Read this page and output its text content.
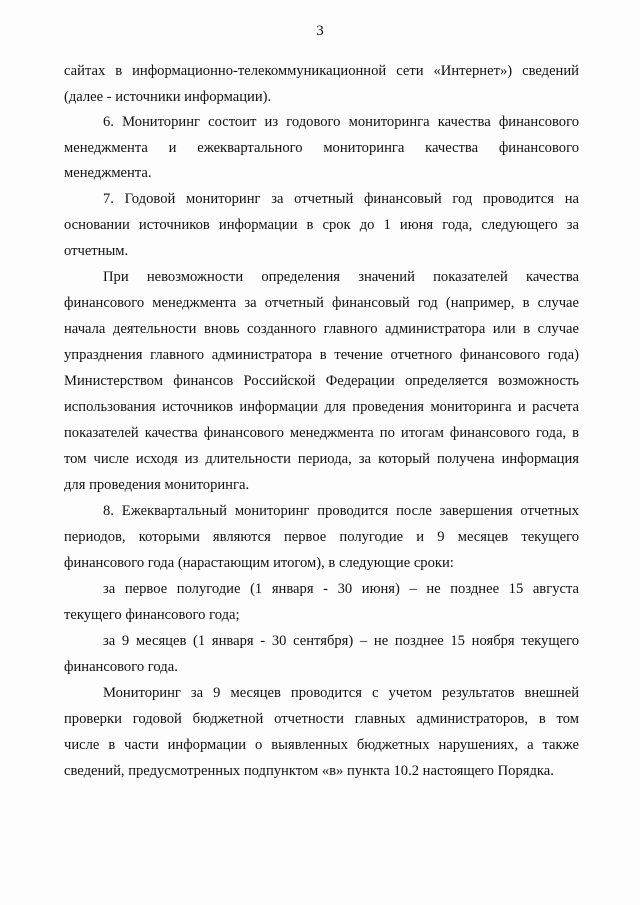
3
сайтах в информационно-телекоммуникационной сети «Интернет») сведений
(далее - источники информации).
6. Мониторинг состоит из годового мониторинга качества финансового
менеджмента и ежеквартального мониторинга качества финансового
менеджмента.
7. Годовой мониторинг за отчетный финансовый год проводится на
основании источников информации в срок до 1 июня года, следующего за
отчетным.
При невозможности определения значений показателей качества
финансового менеджмента за отчетный финансовый год (например, в случае
начала деятельности вновь созданного главного администратора или в случае
упразднения главного администратора в течение отчетного финансового года)
Министерством финансов Российской Федерации определяется возможность
использования источников информации для проведения мониторинга и расчета
показателей качества финансового менеджмента по итогам финансового года, в
том числе исходя из длительности периода, за который получена информация
для проведения мониторинга.
8. Ежеквартальный мониторинг проводится после завершения отчетных
периодов, которыми являются первое полугодие и 9 месяцев текущего
финансового года (нарастающим итогом), в следующие сроки:
за первое полугодие (1 января - 30 июня) – не позднее 15 августа
текущего финансового года;
за 9 месяцев (1 января - 30 сентября) – не позднее 15 ноября текущего
финансового года.
Мониторинг за 9 месяцев проводится с учетом результатов внешней
проверки годовой бюджетной отчетности главных администраторов, в том
числе в части информации о выявленных бюджетных нарушениях, а также
сведений, предусмотренных подпунктом «в» пункта 10.2 настоящего Порядка.
